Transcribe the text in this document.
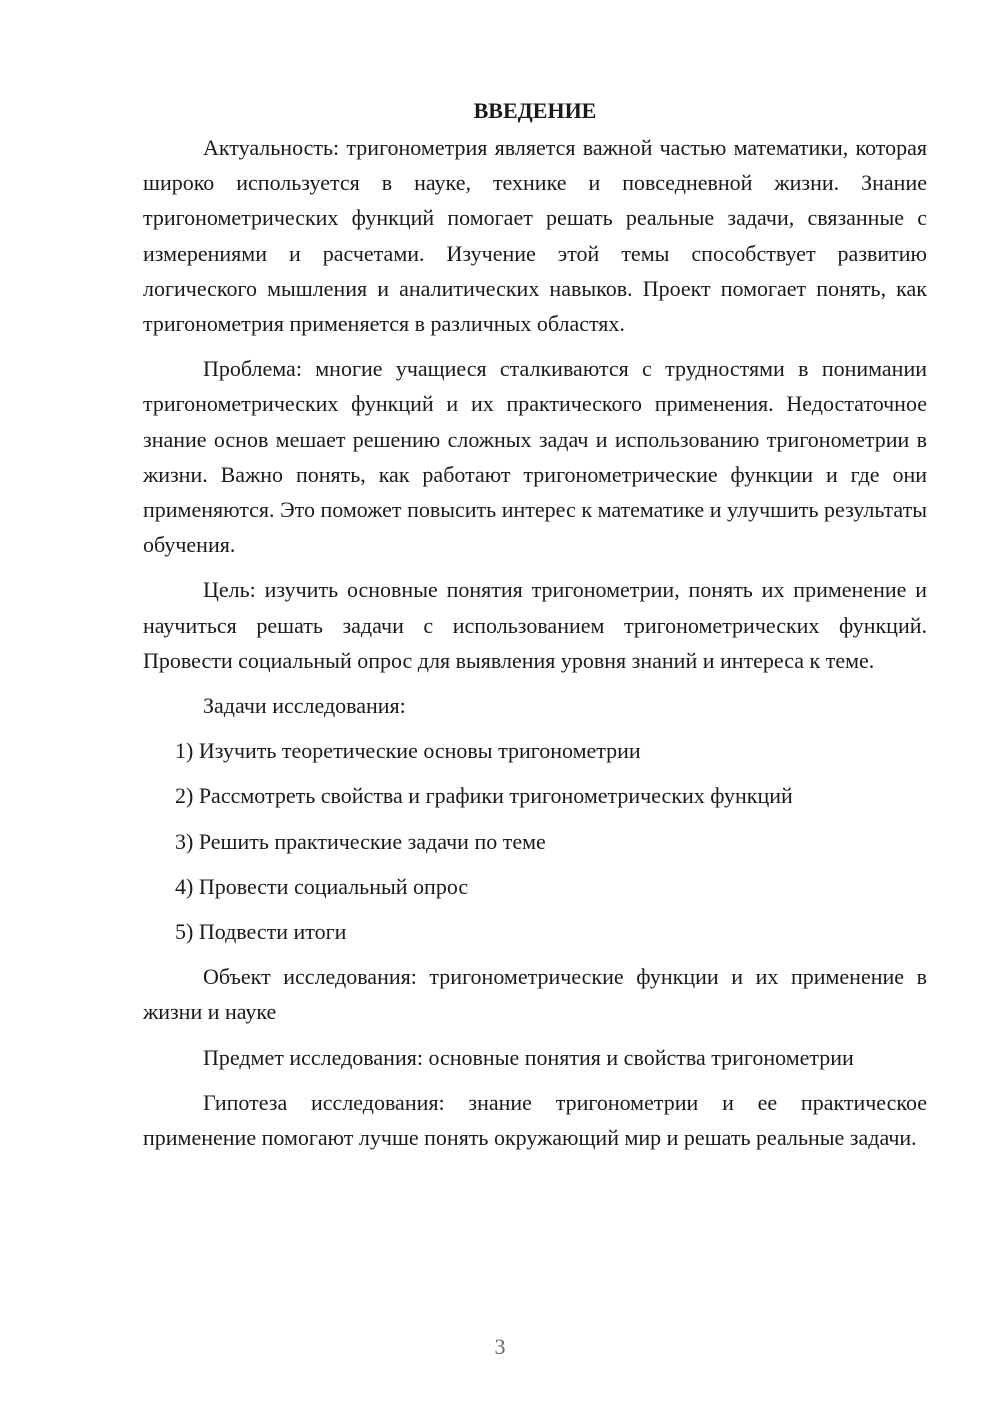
ВВЕДЕНИЕ

Актуальность: тригонометрия является важной частью математики, которая широко используется в науке, технике и повседневной жизни. Знание тригонометрических функций помогает решать реальные задачи, связанные с измерениями и расчетами. Изучение этой темы способствует развитию логического мышления и аналитических навыков. Проект помогает понять, как тригонометрия применяется в различных областях.

Проблема: многие учащиеся сталкиваются с трудностями в понимании тригонометрических функций и их практического применения. Недостаточное знание основ мешает решению сложных задач и использованию тригонометрии в жизни. Важно понять, как работают тригонометрические функции и где они применяются. Это поможет повысить интерес к математике и улучшить результаты обучения.

Цель: изучить основные понятия тригонометрии, понять их применение и научиться решать задачи с использованием тригонометрических функций. Провести социальный опрос для выявления уровня знаний и интереса к теме.

Задачи исследования:

1) Изучить теоретические основы тригонометрии
2) Рассмотреть свойства и графики тригонометрических функций
3) Решить практические задачи по теме
4) Провести социальный опрос
5) Подвести итоги

Объект исследования: тригонометрические функции и их применение в жизни и науке

Предмет исследования: основные понятия и свойства тригонометрии

Гипотеза исследования: знание тригонометрии и ее практическое применение помогают лучше понять окружающий мир и решать реальные задачи.

3
